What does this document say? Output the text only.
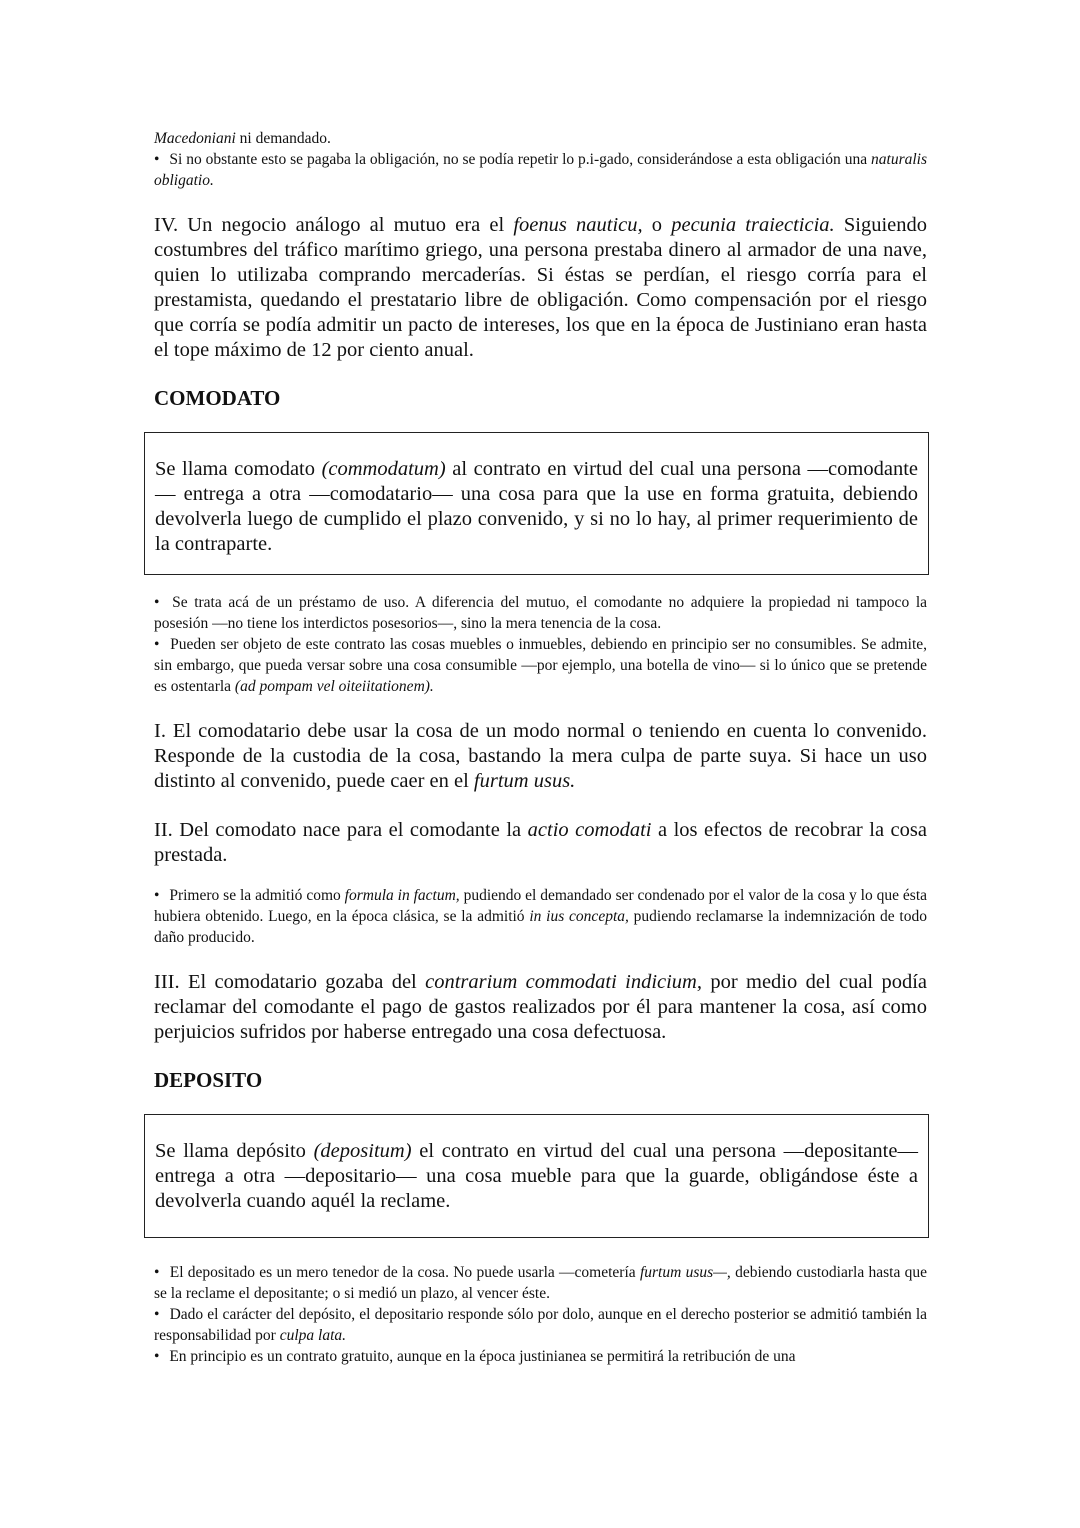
Macedoniani ni demandado.

• Si no obstante esto se pagaba la obligación, no se podía repetir lo p.i-gado, considerándose a esta obligación una naturalis obligatio.

IV. Un negocio análogo al mutuo era el foenus nauticu, o pecunia traiecticia. Siguiendo costumbres del tráfico marítimo griego, una persona prestaba dinero al armador de una nave, quien lo utilizaba comprando mercaderías. Si éstas se perdían, el riesgo corría para el prestamista, quedando el prestatario libre de obligación. Como compensación por el riesgo que corría se podía admitir un pacto de intereses, los que en la época de Justiniano eran hasta el tope máximo de 12 por ciento anual.

COMODATO

Se llama comodato (commodatum) al contrato en virtud del cual una persona —comodante— entrega a otra —comodatario— una cosa para que la use en forma gratuita, debiendo devolverla luego de cumplido el plazo convenido, y si no lo hay, al primer requerimiento de la contraparte.

• Se trata acá de un préstamo de uso. A diferencia del mutuo, el comodante no adquiere la propiedad ni tampoco la posesión —no tiene los interdictos posesorios—, sino la mera tenencia de la cosa.

• Pueden ser objeto de este contrato las cosas muebles o inmuebles, debiendo en principio ser no consumibles. Se admite, sin embargo, que pueda versar sobre una cosa consumible —por ejemplo, una botella de vino— si lo único que se pretende es ostentarla (ad pompam vel oiteiitationem).

I. El comodatario debe usar la cosa de un modo normal o teniendo en cuenta lo convenido. Responde de la custodia de la cosa, bastando la mera culpa de parte suya. Si hace un uso distinto al convenido, puede caer en el furtum usus.

II. Del comodato nace para el comodante la actio comodati a los efectos de recobrar la cosa prestada.

• Primero se la admitió como formula in factum, pudiendo el demandado ser condenado por el valor de la cosa y lo que ésta hubiera obtenido. Luego, en la época clásica, se la admitió in ius concepta, pudiendo reclamarse la indemnización de todo daño producido.

III. El comodatario gozaba del contrarium commodati indicium, por medio del cual podía reclamar del comodante el pago de gastos realizados por él para mantener la cosa, así como perjuicios sufridos por haberse entregado una cosa defectuosa.

DEPOSITO

Se llama depósito (depositum) el contrato en virtud del cual una persona —depositante— entrega a otra —depositario— una cosa mueble para que la guarde, obligándose éste a devolverla cuando aquél la reclame.

• El depositado es un mero tenedor de la cosa. No puede usarla —cometería furtum usus—, debiendo custodiarla hasta que se la reclame el depositante; o si medió un plazo, al vencer éste.

• Dado el carácter del depósito, el depositario responde sólo por dolo, aunque en el derecho posterior se admitió también la responsabilidad por culpa lata.

• En principio es un contrato gratuito, aunque en la época justinianea se permitirá la retribución de una
